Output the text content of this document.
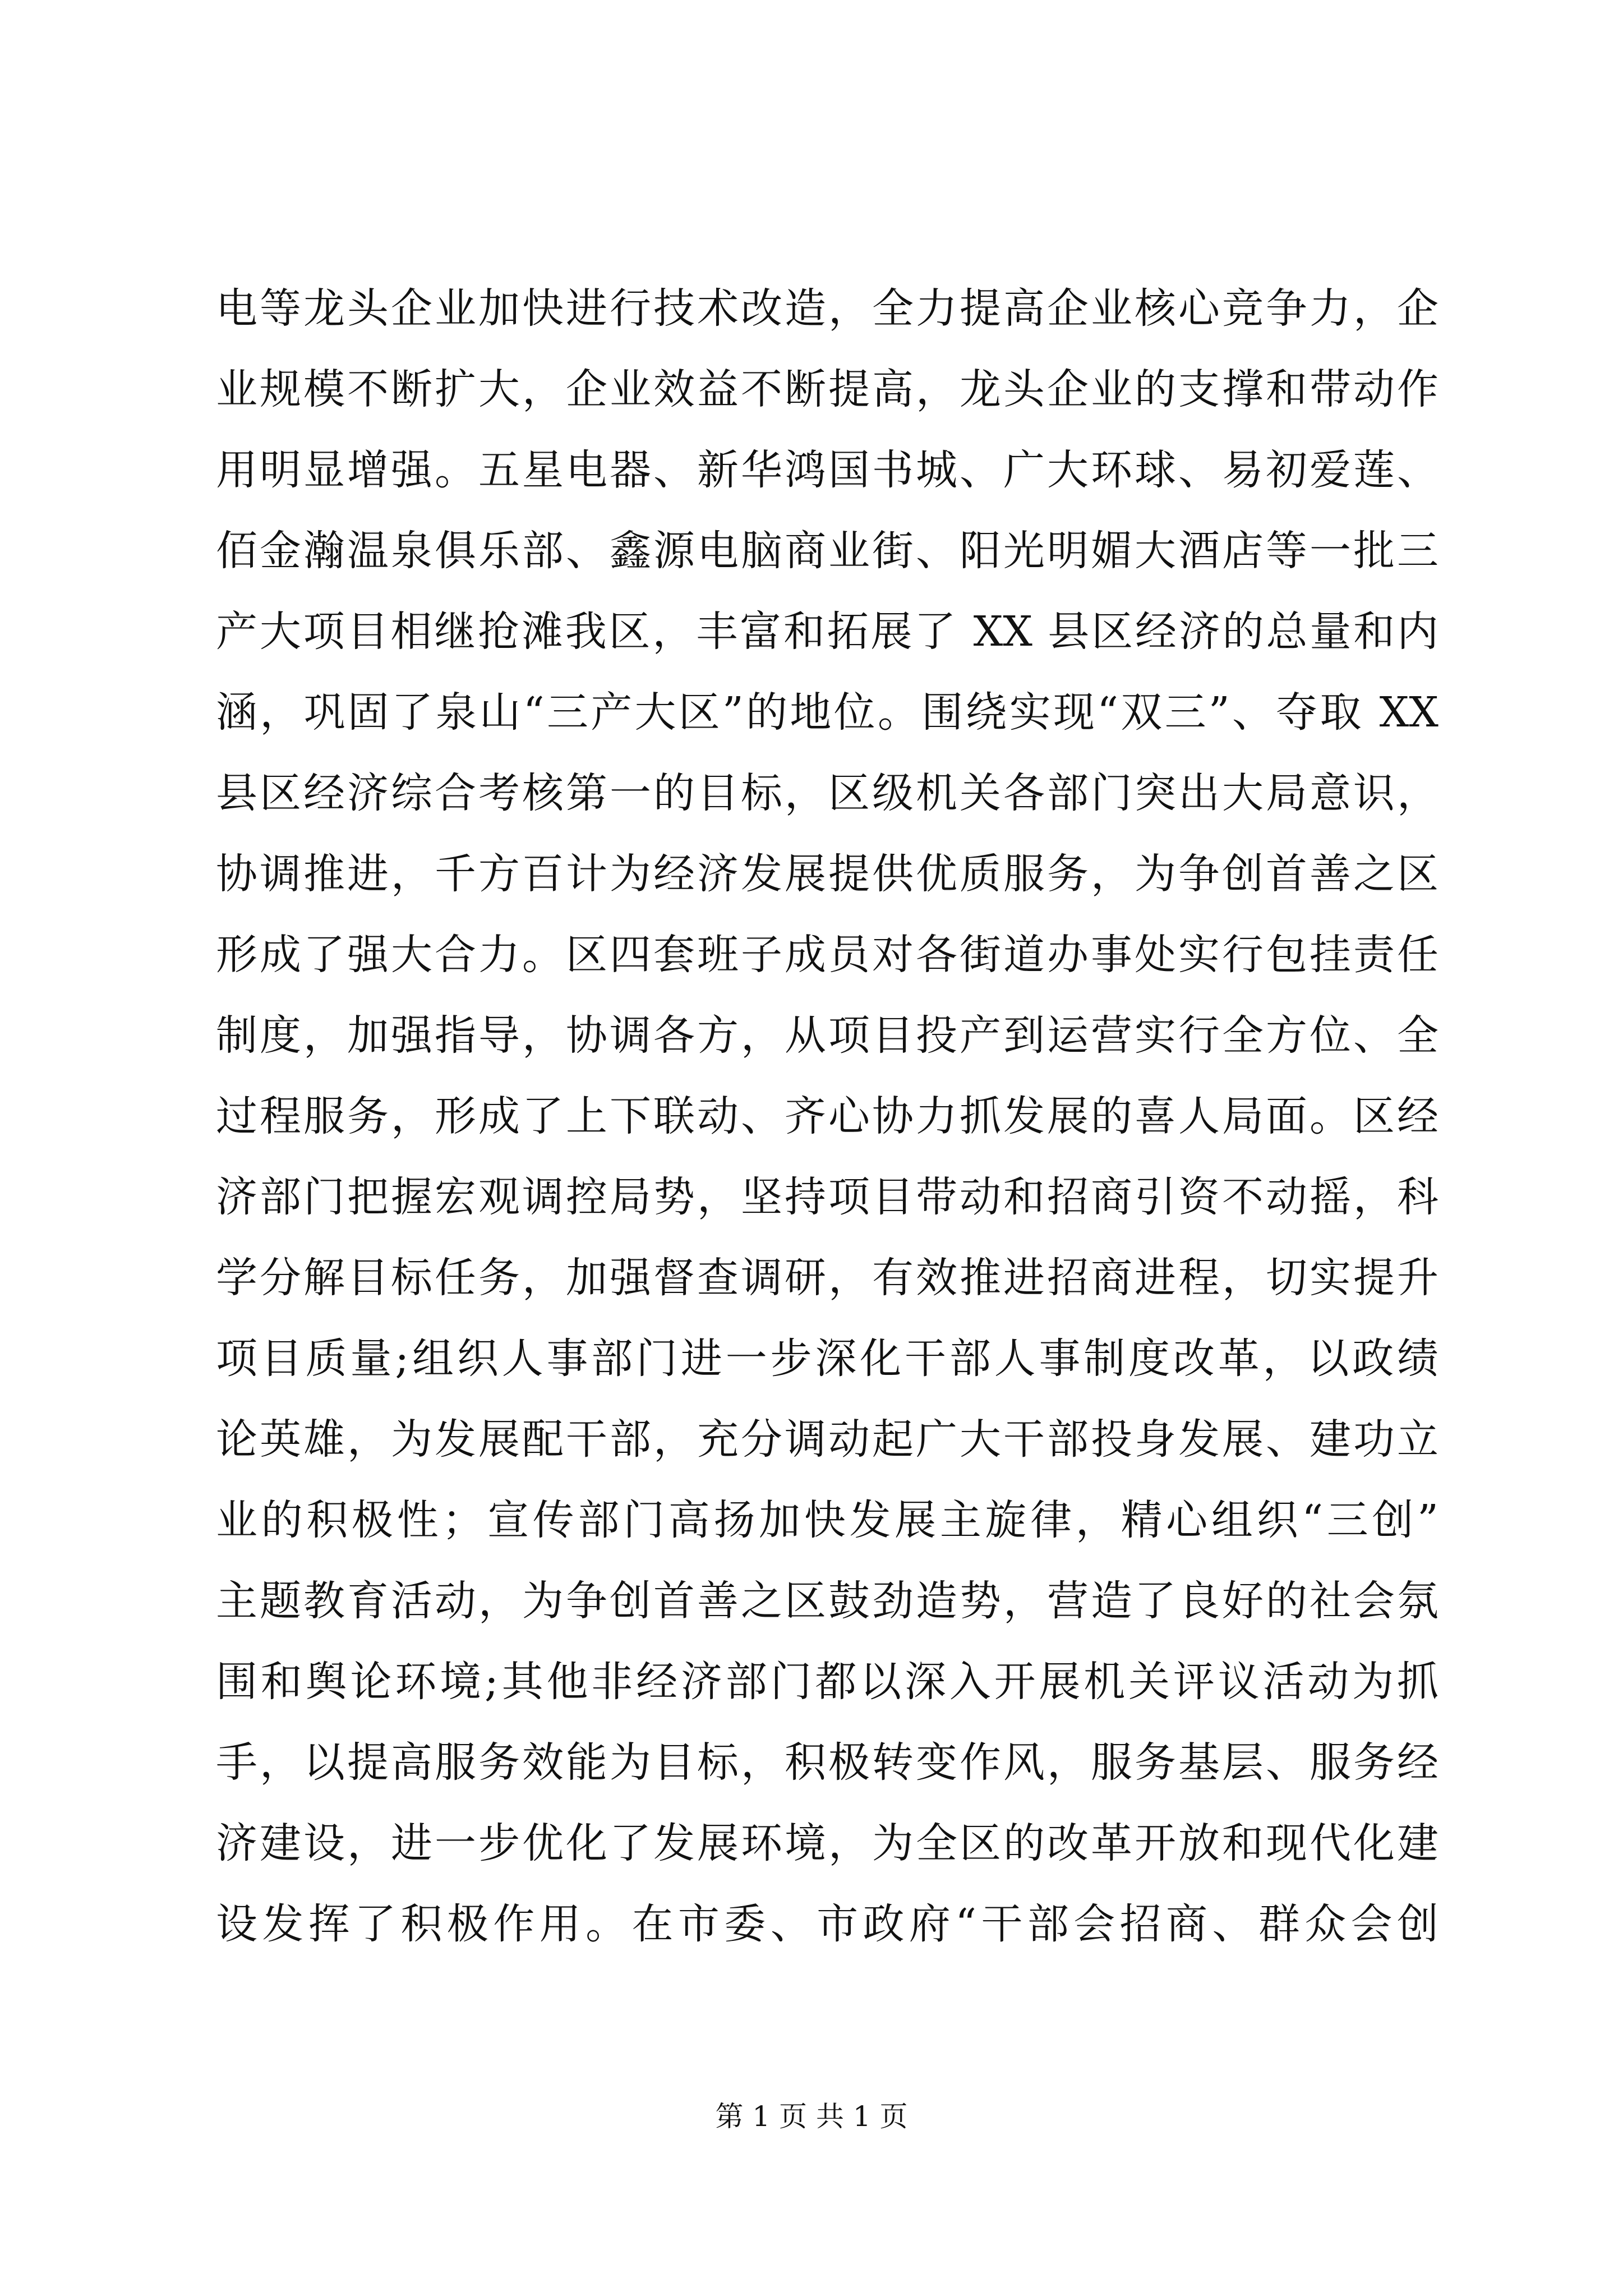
电等龙头企业加快进行技术改造，全力提高企业核心竞争力，企
业规模不断扩大，企业效益不断提高，龙头企业的支撑和带动作
用明显增强。五星电器、新华鸿国书城、广大环球、易初爱莲、
佰金瀚温泉俱乐部、鑫源电脑商业街、阳光明媚大酒店等一批三
产大项目相继抢滩我区，丰富和拓展了 XX 县区经济的总量和内
涵，巩固了泉山“三产大区”的地位。围绕实现“双三”、夺取 XX
县区经济综合考核第一的目标，区级机关各部门突出大局意识，
协调推进，千方百计为经济发展提供优质服务，为争创首善之区
形成了强大合力。区四套班子成员对各街道办事处实行包挂责任
制度，加强指导，协调各方，从项目投产到运营实行全方位、全
过程服务，形成了上下联动、齐心协力抓发展的喜人局面。区经
济部门把握宏观调控局势，坚持项目带动和招商引资不动摇，科
学分解目标任务，加强督查调研，有效推进招商进程，切实提升
项目质量;组织人事部门进一步深化干部人事制度改革，以政绩
论英雄，为发展配干部，充分调动起广大干部投身发展、建功立
业的积极性；宣传部门高扬加快发展主旋律，精心组织“三创”
主题教育活动，为争创首善之区鼓劲造势，营造了良好的社会氛
围和舆论环境;其他非经济部门都以深入开展机关评议活动为抓
手，以提高服务效能为目标，积极转变作风，服务基层、服务经
济建设，进一步优化了发展环境，为全区的改革开放和现代化建
设发挥了积极作用。在市委、市政府“干部会招商、群众会创
第 1 页 共 1 页
